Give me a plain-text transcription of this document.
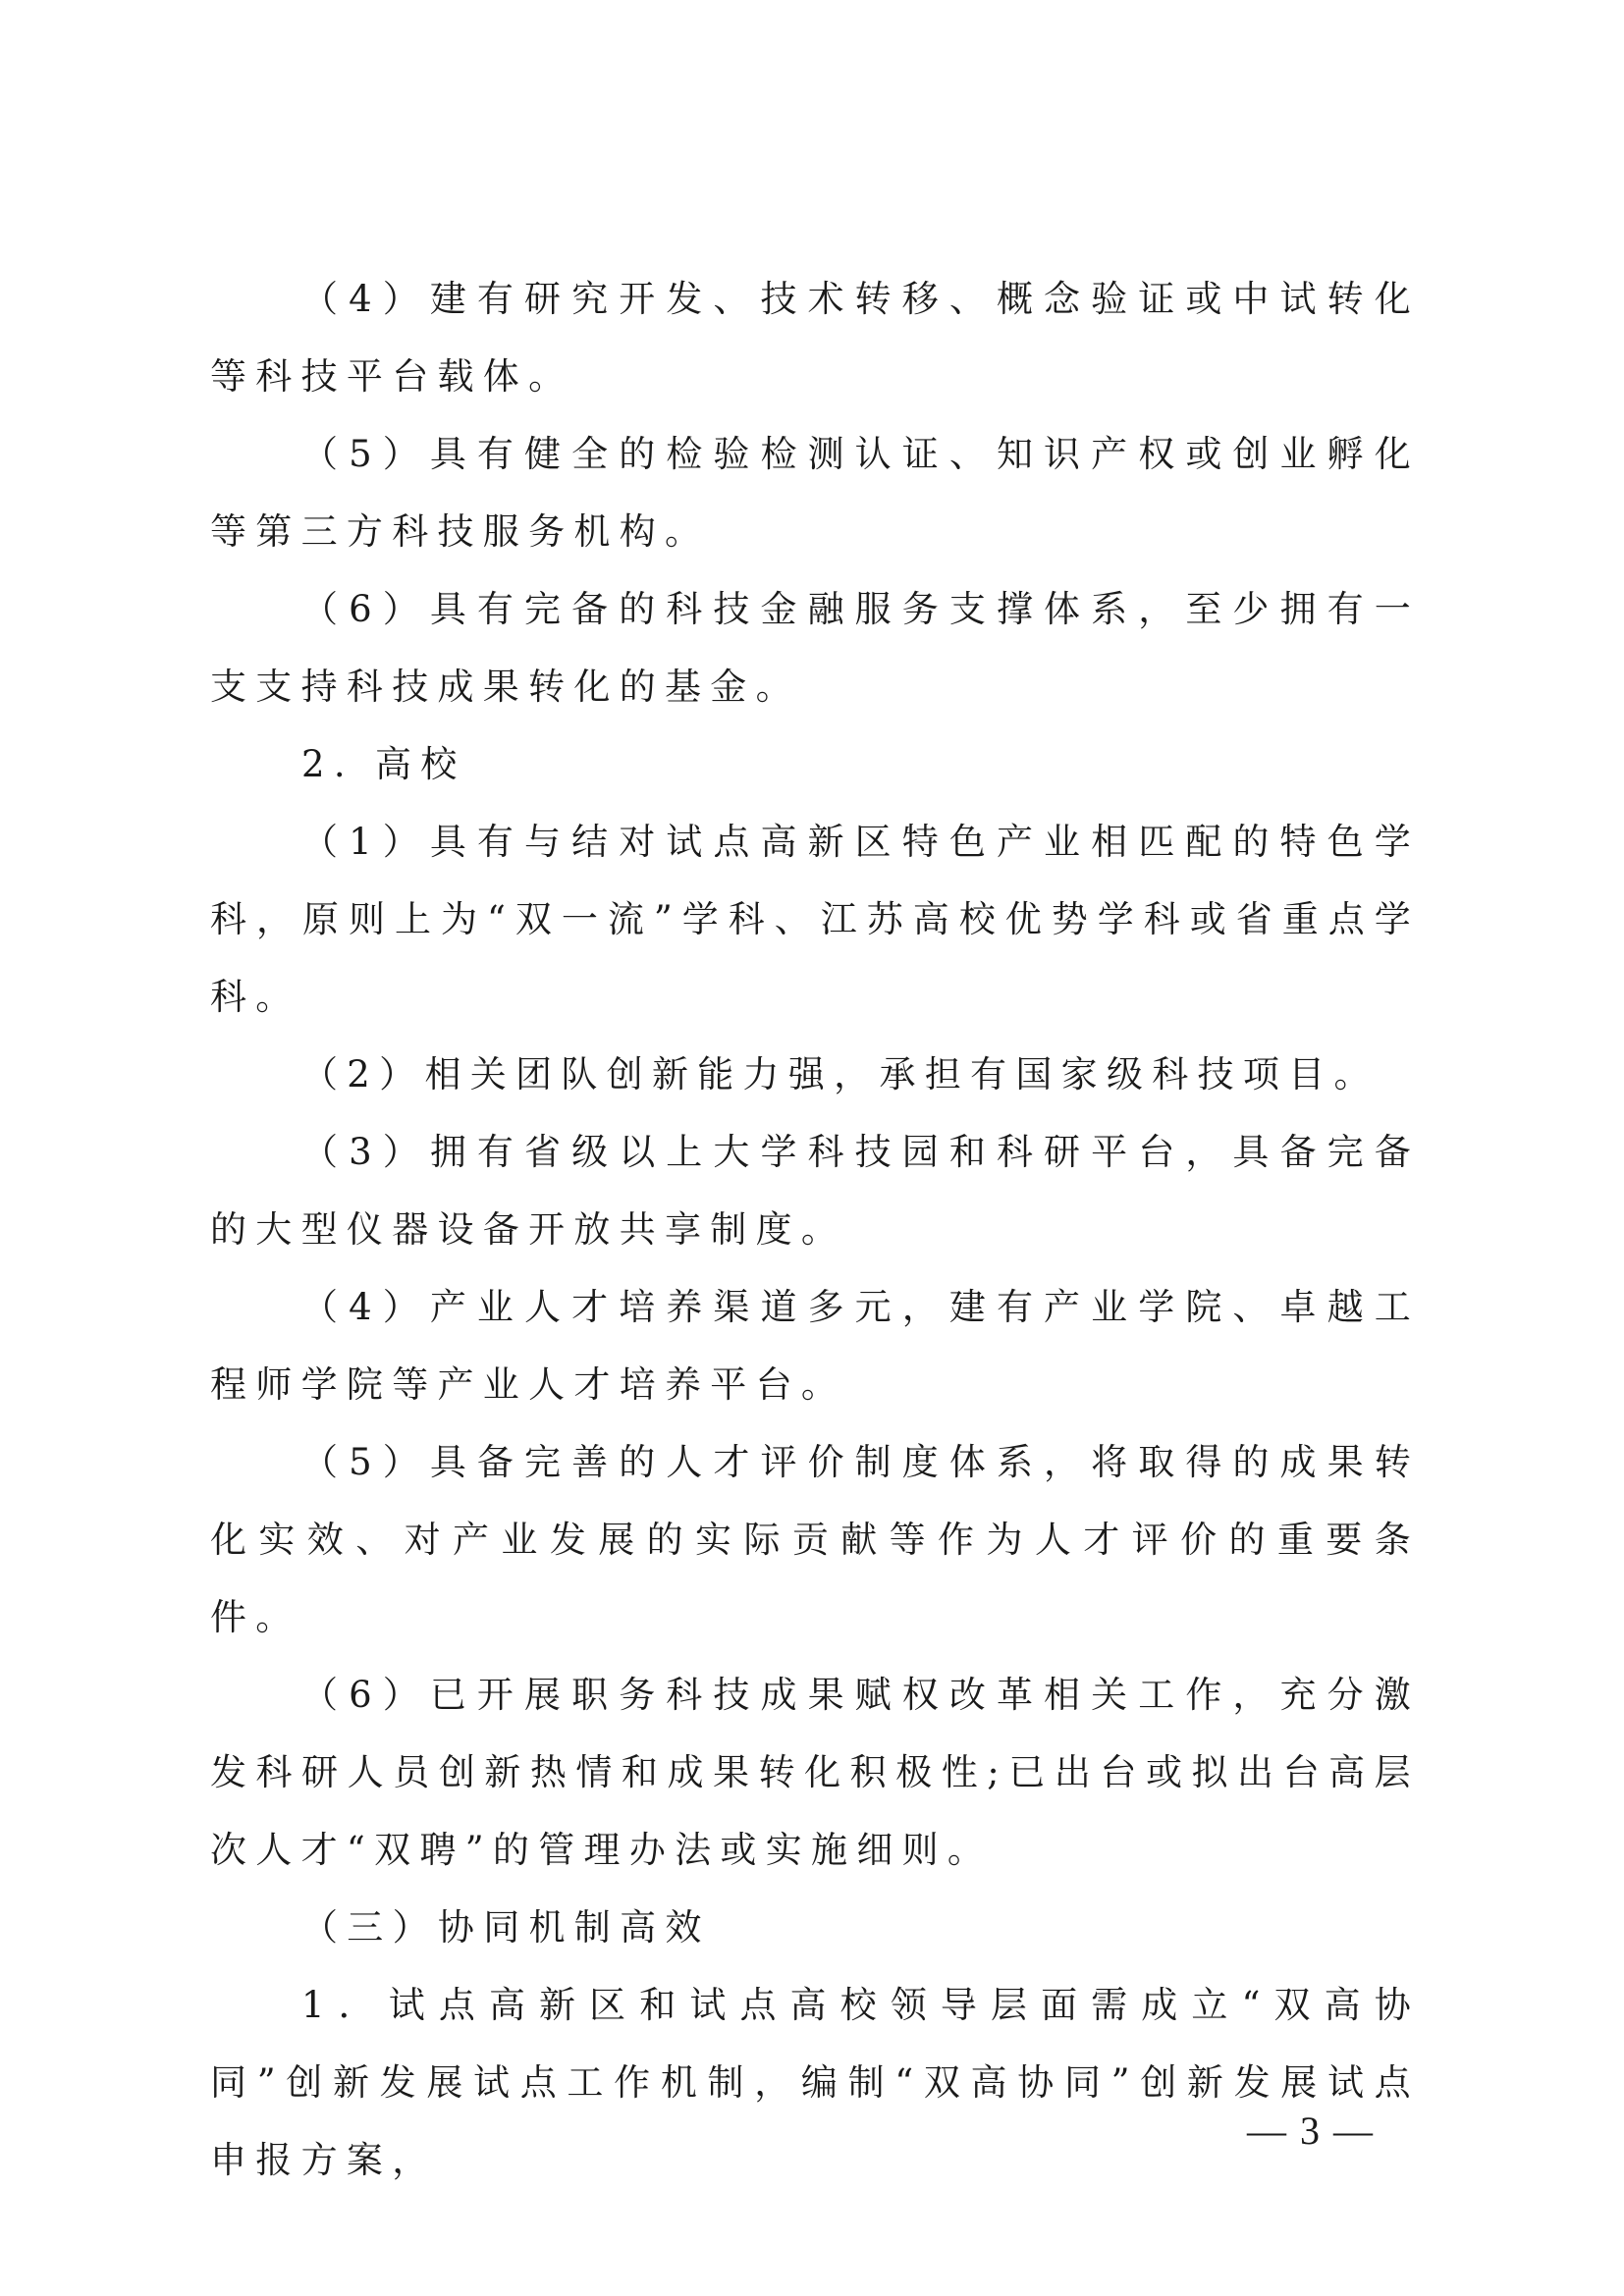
（4）建有研究开发、技术转移、概念验证或中试转化等科技平台载体。

（5）具有健全的检验检测认证、知识产权或创业孵化等第三方科技服务机构。

（6）具有完备的科技金融服务支撑体系，至少拥有一支支持科技成果转化的基金。

2. 高校

（1）具有与结对试点高新区特色产业相匹配的特色学科，原则上为“双一流”学科、江苏高校优势学科或省重点学科。

（2）相关团队创新能力强，承担有国家级科技项目。

（3）拥有省级以上大学科技园和科研平台，具备完备的大型仪器设备开放共享制度。

（4）产业人才培养渠道多元，建有产业学院、卓越工程师学院等产业人才培养平台。

（5）具备完善的人才评价制度体系，将取得的成果转化实效、对产业发展的实际贡献等作为人才评价的重要条件。

（6）已开展职务科技成果赋权改革相关工作，充分激发科研人员创新热情和成果转化积极性;已出台或拟出台高层次人才“双聘”的管理办法或实施细则。

（三）协同机制高效

1．试点高新区和试点高校领导层面需成立“双高协同”创新发展试点工作机制，编制“双高协同”创新发展试点申报方案，

— 3 —
